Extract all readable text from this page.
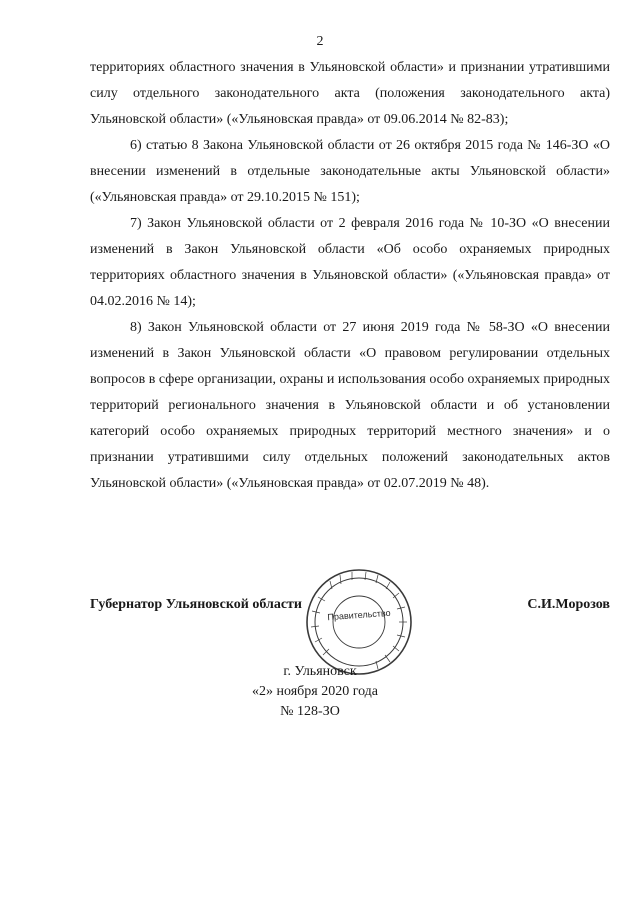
2

территориях областного значения в Ульяновской области» и признании утратившими силу отдельного законодательного акта (положения законодательного акта) Ульяновской области» («Ульяновская правда» от 09.06.2014 № 82-83);

6) статью 8 Закона Ульяновской области от 26 октября 2015 года № 146-ЗО «О внесении изменений в отдельные законодательные акты Ульяновской области» («Ульяновская правда» от 29.10.2015 № 151);

7) Закон Ульяновской области от 2 февраля 2016 года № 10-ЗО «О внесении изменений в Закон Ульяновской области «Об особо охраняемых природных территориях областного значения в Ульяновской области» («Ульяновская правда» от 04.02.2016 № 14);

8) Закон Ульяновской области от 27 июня 2019 года № 58-ЗО «О внесении изменений в Закон Ульяновской области «О правовом регулировании отдельных вопросов в сфере организации, охраны и использования особо охраняемых природных территорий регионального значения в Ульяновской области и об установлении категорий особо охраняемых природных территорий местного значения» и о признании утратившими силу отдельных положений законодательных актов Ульяновской области» («Ульяновская правда» от 02.07.2019 № 48).

Губернатор Ульяновской области	С.И.Морозов
Правительство
г. Ульяновск
«2» ноября 2020 года
№ 128-ЗО
